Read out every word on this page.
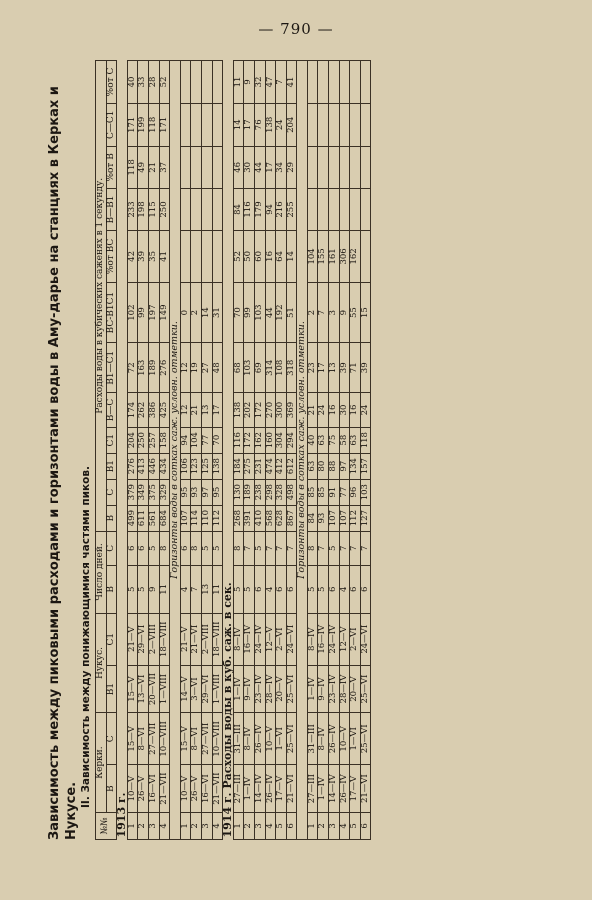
— 790 —
Зависимость между пиковыми расходами и горизонтами воды в Аму-дарье на станциях в Керках и Нукусе.
II. Зависимость между понижающимися частями пиков.
№№	Керки.		Нукус.		Число дней.		Расходы воды в кубических саженях в 1 секунду.											
	B	C	B1	C1	B	C	B	C	B1	C1	B—C	B1—C1	BC-B1C1	%от BC	B—B1	%от B	C—C1	%от C
1913 г.																		
1	10—V	15—V	15—V	21—V	5	6	499	379	276	204	174	72	102	42	233	118	171	40
2	26—V	8—VI	13—VI	29—VI	5	6	611	349	413	250	262	163	99	39	198	49	199	33
3	16—VI	27—VII	20—VII	2—VIII	9	5	561	375	446	257	386	189	197	35	115	21	118	28
4	21—VII	10—VIII	1—VIII	18—VIII	11	8	684	329	434	158	425	276	149	41	250	37	171	52
Горизонты воды в сотках саж. условн. отметки.																		
1	10—V	15—V	14—V	21—V	4	6	107	95	106	94	12	12	0					
2	26—V	8—VI	3—VI	21—VI	7	8	114	93	123	104	21	19	2					
3	16—VI	27—VII	29—VI	2—VIII	13	5	110	97	125	77	13	27	14					
4	21—VII	10—VIII	1—VIII	18—VIII	11	5	112	95	138	70	17	48	31					
1914 г. Расходы воды в куб. саж. в сек.																		
1	27—III	31—III	1—IV	8—IV	5	8	268	130	184	116	138	68	70	52	84	46	14	11
2	1—IV	8—IV	9—IV	16—IV	5	7	391	189	275	172	202	103	99	50	116	30	17	9
3	14—IV	26—IV	23—IV	24—IV	6	5	410	238	231	162	172	69	103	60	179	44	76	32
4	26—IV	10—V	28—IV	12—V	4	7	568	298	474	160	270	314	44	16	94	17	138	47
5	17—V	1—VI	20—V	2—VI	6	7	628	328	412	304	300	108	192	64	216	34	24	7
6	21—VI	25—VI	25—VI	24—VI	6	7	867	498	612	294	369	318	51	14	255	29	204	41
Горизонты воды в сотках саж. условн. отметки.																		
1	27—III	31—III	1—IV	8—IV	5	8	84	85	63	40	21	23	2	104				
2	1—IV	8—IV	9—IV	16—IV	5	7	93	85	80	63	24	17	7	155				
3	14—IV	26—IV	23—IV	24—IV	6	5	107	91	88	75	16	13	3	161				
4	26—IV	10—V	28—IV	12—V	4	7	107	77	97	58	30	39	9	306				
5	17—V	1—VI	20—V	2—VI	6	7	112	96	134	63	16	71	55	162				
6	21—VI	25—VI	25—VI	24—VI	6	7	127	103	157	118	24	39	15					
